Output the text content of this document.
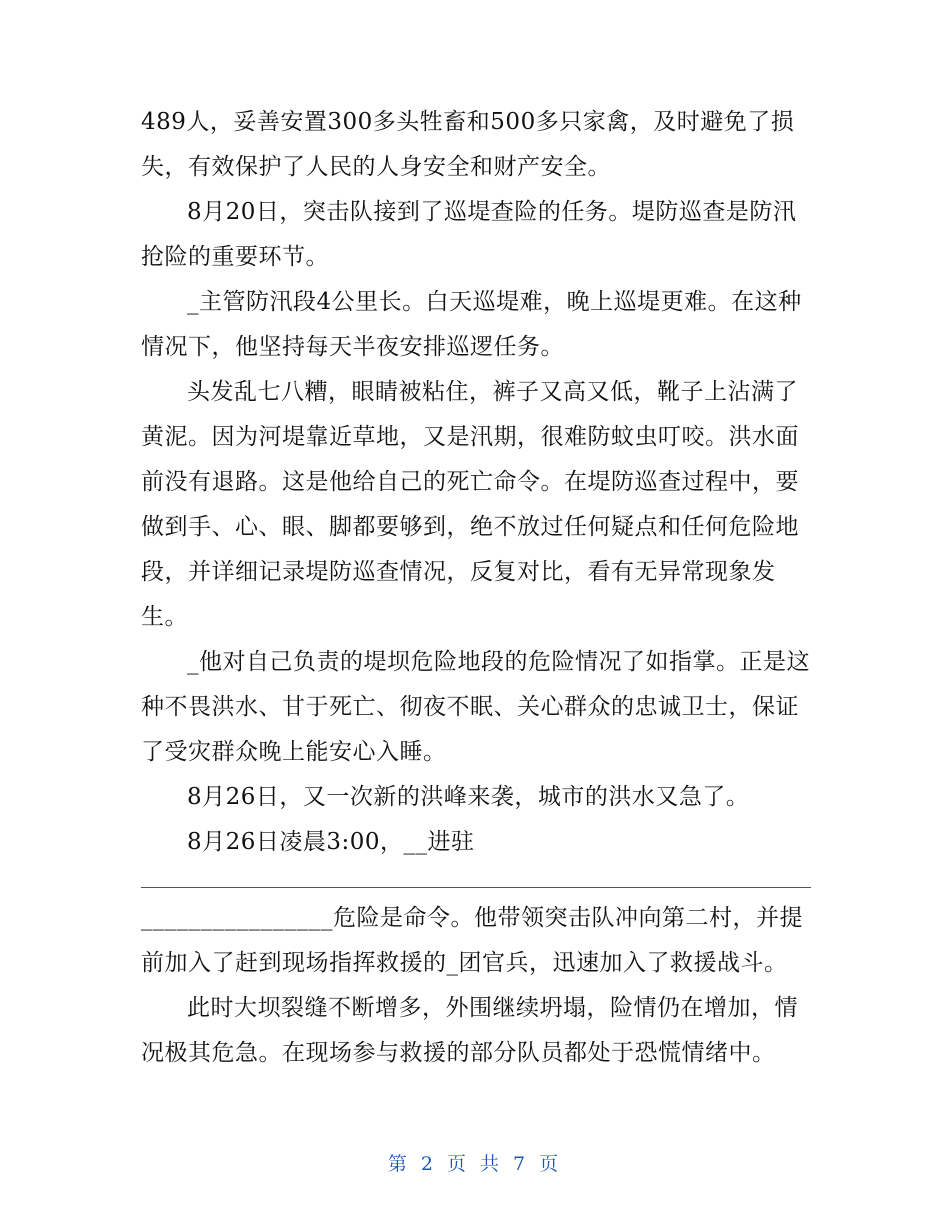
489人，妥善安置300多头牲畜和500多只家禽，及时避免了损
失，有效保护了人民的人身安全和财产安全。
8月20日，突击队接到了巡堤查险的任务。堤防巡查是防汛
抢险的重要环节。
_主管防汛段4公里长。白天巡堤难，晚上巡堤更难。在这种
情况下，他坚持每天半夜安排巡逻任务。
头发乱七八糟，眼睛被粘住，裤子又高又低，靴子上沾满了
黄泥。因为河堤靠近草地，又是汛期，很难防蚊虫叮咬。洪水面
前没有退路。这是他给自己的死亡命令。在堤防巡查过程中，要
做到手、心、眼、脚都要够到，绝不放过任何疑点和任何危险地
段，并详细记录堤防巡查情况，反复对比，看有无异常现象发
生。
_他对自己负责的堤坝危险地段的危险情况了如指掌。正是这
种不畏洪水、甘于死亡、彻夜不眠、关心群众的忠诚卫士，保证
了受灾群众晚上能安心入睡。
8月26日，又一次新的洪峰来袭，城市的洪水又急了。
8月26日凌晨3:00，__进驻
________________危险是命令。他带领突击队冲向第二村，并提
前加入了赶到现场指挥救援的_团官兵，迅速加入了救援战斗。
此时大坝裂缝不断增多，外围继续坍塌，险情仍在增加，情
况极其危急。在现场参与救援的部分队员都处于恐慌情绪中。
第 2 页 共 7 页
